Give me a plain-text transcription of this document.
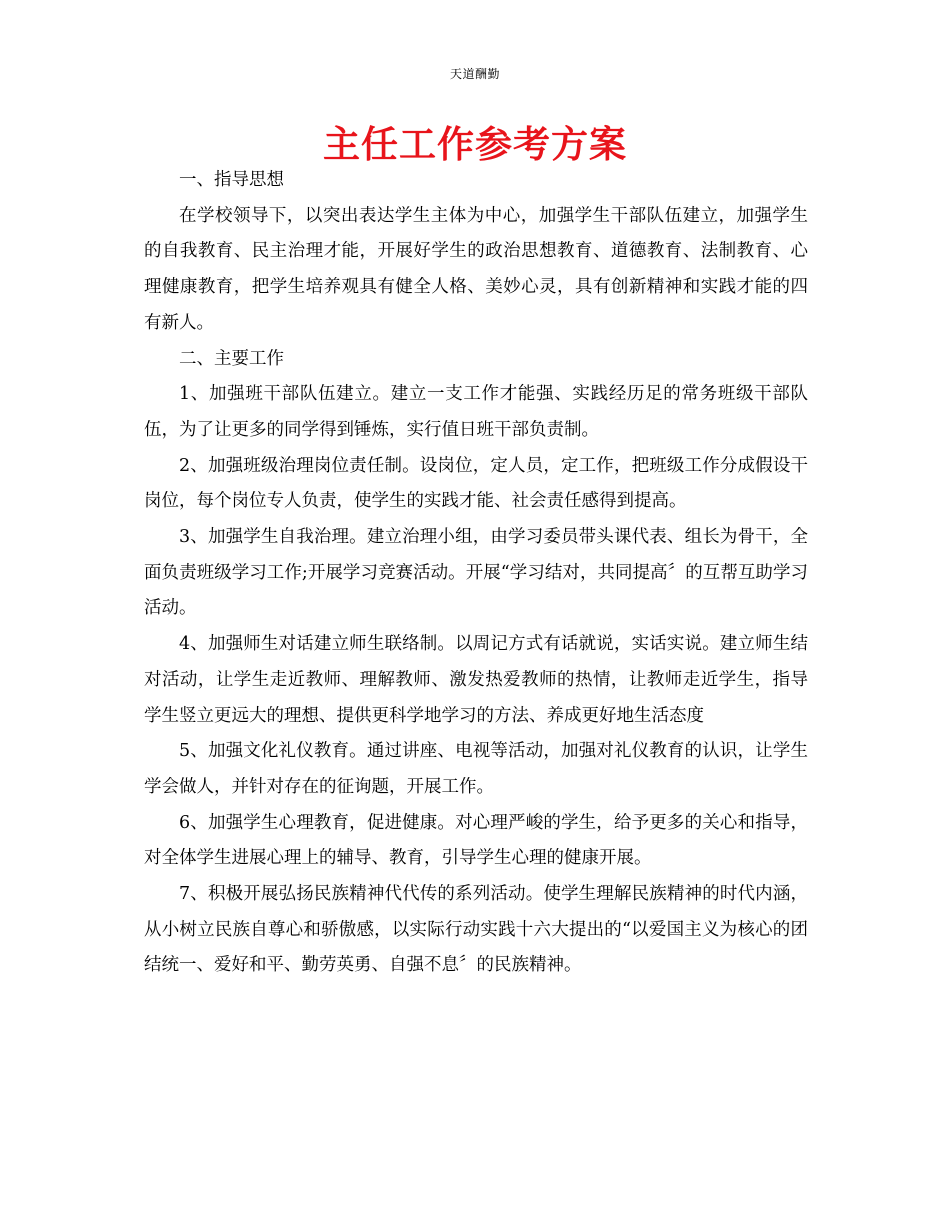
天道酬勤
主任工作参考方案

一、指导思想

在学校领导下，以突出表达学生主体为中心，加强学生干部队伍建立，加强学生的自我教育、民主治理才能，开展好学生的政治思想教育、道德教育、法制教育、心理健康教育，把学生培养观具有健全人格、美妙心灵，具有创新精神和实践才能的四有新人。

二、主要工作

1、加强班干部队伍建立。建立一支工作才能强、实践经历足的常务班级干部队伍，为了让更多的同学得到锤炼，实行值日班干部负责制。

2、加强班级治理岗位责任制。设岗位，定人员，定工作，把班级工作分成假设干岗位，每个岗位专人负责，使学生的实践才能、社会责任感得到提高。

3、加强学生自我治理。建立治理小组，由学习委员带头课代表、组长为骨干，全面负责班级学习工作;开展学习竞赛活动。开展“学习结对，共同提高〞的互帮互助学习活动。

4、加强师生对话建立师生联络制。以周记方式有话就说，实话实说。建立师生结对活动，让学生走近教师、理解教师、激发热爱教师的热情，让教师走近学生，指导学生竖立更远大的理想、提供更科学地学习的方法、养成更好地生活态度

5、加强文化礼仪教育。通过讲座、电视等活动，加强对礼仪教育的认识，让学生学会做人，并针对存在的征询题，开展工作。

6、加强学生心理教育，促进健康。对心理严峻的学生，给予更多的关心和指导，对全体学生进展心理上的辅导、教育，引导学生心理的健康开展。

7、积极开展弘扬民族精神代代传的系列活动。使学生理解民族精神的时代内涵，从小树立民族自尊心和骄傲感，以实际行动实践十六大提出的“以爱国主义为核心的团结统一、爱好和平、勤劳英勇、自强不息〞的民族精神。
